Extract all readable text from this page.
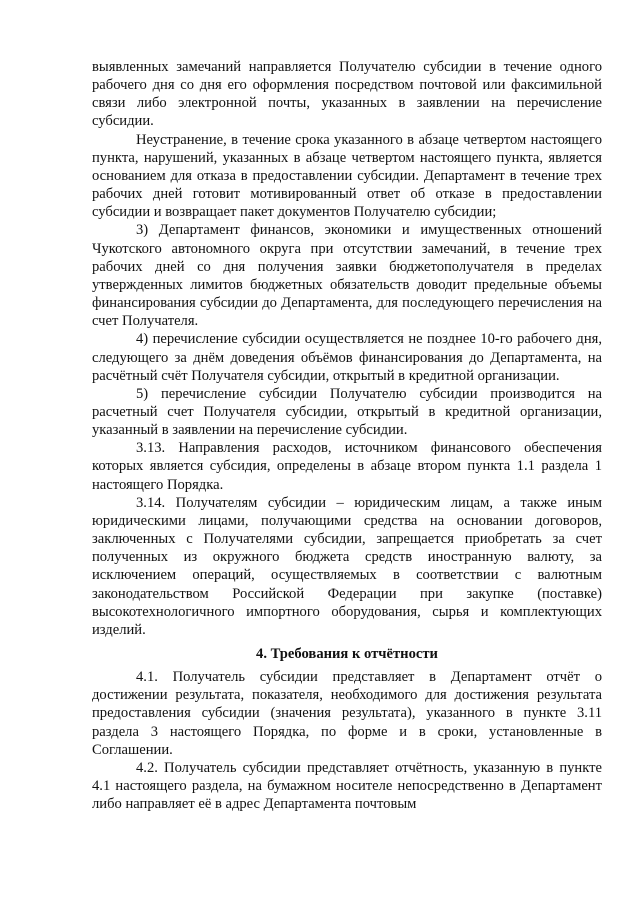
выявленных замечаний направляется Получателю субсидии в течение одного рабочего дня со дня его оформления посредством почтовой или факсимильной связи либо электронной почты, указанных в заявлении на перечисление субсидии.

Неустранение, в течение срока указанного в абзаце четвертом настоящего пункта, нарушений, указанных в абзаце четвертом настоящего пункта, является основанием для отказа в предоставлении субсидии. Департамент в течение трех рабочих дней готовит мотивированный ответ об отказе в предоставлении субсидии и возвращает пакет документов Получателю субсидии;

3) Департамент финансов, экономики и имущественных отношений Чукотского автономного округа при отсутствии замечаний, в течение трех рабочих дней со дня получения заявки бюджетополучателя в пределах утвержденных лимитов бюджетных обязательств доводит предельные объемы финансирования субсидии до Департамента, для последующего перечисления на счет Получателя.

4) перечисление субсидии осуществляется не позднее 10-го рабочего дня, следующего за днём доведения объёмов финансирования до Департамента, на расчётный счёт Получателя субсидии, открытый в кредитной организации.

5) перечисление субсидии Получателю субсидии производится на расчетный счет Получателя субсидии, открытый в кредитной организации, указанный в заявлении на перечисление субсидии.

3.13. Направления расходов, источником финансового обеспечения которых является субсидия, определены в абзаце втором пункта 1.1 раздела 1 настоящего Порядка.

3.14. Получателям субсидии – юридическим лицам, а также иным юридическими лицами, получающими средства на основании договоров, заключенных с Получателями субсидии, запрещается приобретать за счет полученных из окружного бюджета средств иностранную валюту, за исключением операций, осуществляемых в соответствии с валютным законодательством Российской Федерации при закупке (поставке) высокотехнологичного импортного оборудования, сырья и комплектующих изделий.

4. Требования к отчётности

4.1. Получатель субсидии представляет в Департамент отчёт о достижении результата, показателя, необходимого для достижения результата предоставления субсидии (значения результата), указанного в пункте 3.11 раздела 3 настоящего Порядка, по форме и в сроки, установленные в Соглашении.

4.2. Получатель субсидии представляет отчётность, указанную в пункте 4.1 настоящего раздела, на бумажном носителе непосредственно в Департамент либо направляет её в адрес Департамента почтовым
